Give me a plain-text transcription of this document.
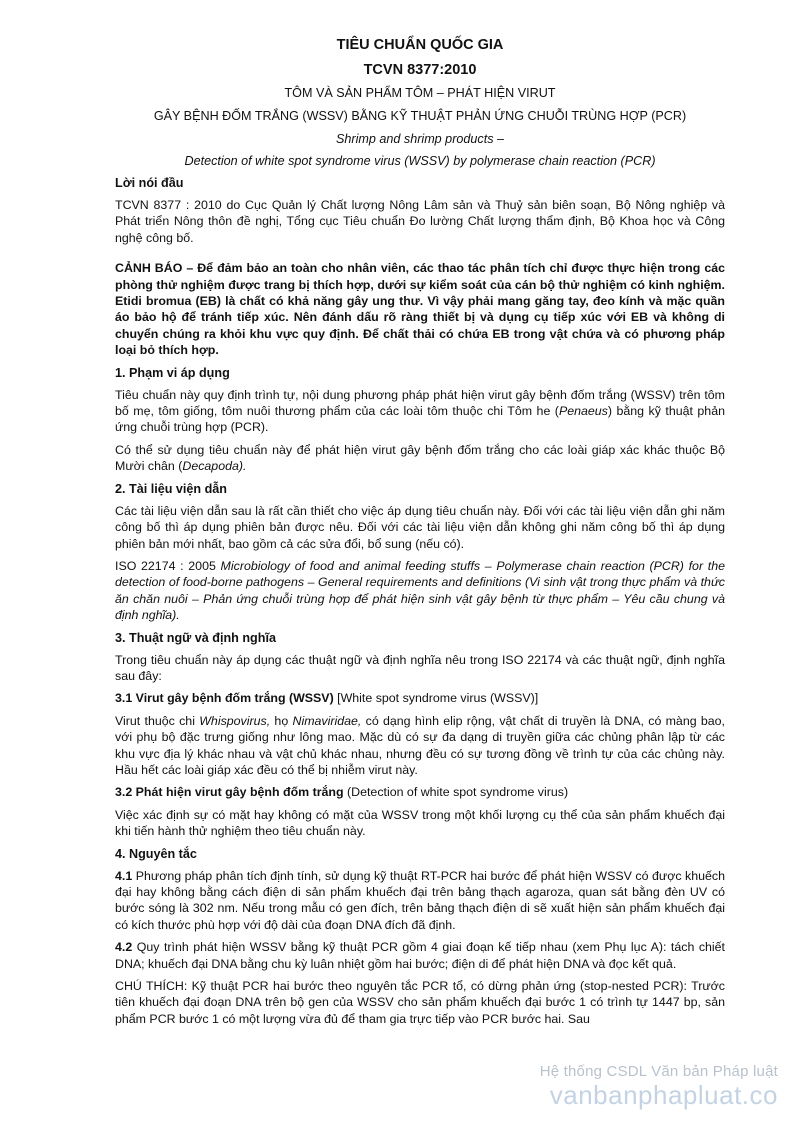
TIÊU CHUẨN QUỐC GIA
TCVN 8377:2010
TÔM VÀ SẢN PHẨM TÔM – PHÁT HIỆN VIRUT
GÂY BỆNH ĐỐM TRẮNG (WSSV) BẰNG KỸ THUẬT PHẢN ỨNG CHUỖI TRÙNG HỢP (PCR)
Shrimp and shrimp products –
Detection of white spot syndrome virus (WSSV) by polymerase chain reaction (PCR)
Lời nói đầu

TCVN 8377 : 2010 do Cục Quản lý Chất lượng Nông Lâm sản và Thuỷ sản biên soạn, Bộ Nông nghiệp và Phát triển Nông thôn đề nghị, Tổng cục Tiêu chuẩn Đo lường Chất lượng thẩm định, Bộ Khoa học và Công nghệ công bố.

CẢNH BÁO – Để đảm bảo an toàn cho nhân viên, các thao tác phân tích chỉ được thực hiện trong các phòng thử nghiệm được trang bị thích hợp, dưới sự kiểm soát của cán bộ thử nghiệm có kinh nghiệm. Etidi bromua (EB) là chất có khả năng gây ung thư. Vì vậy phải mang găng tay, đeo kính và mặc quần áo bảo hộ để tránh tiếp xúc. Nên đánh dấu rõ ràng thiết bị và dụng cụ tiếp xúc với EB và không di chuyển chúng ra khỏi khu vực quy định. Để chất thải có chứa EB trong vật chứa và có phương pháp loại bỏ thích hợp.

1. Phạm vi áp dụng

Tiêu chuẩn này quy định trình tự, nội dung phương pháp phát hiện virut gây bệnh đốm trắng (WSSV) trên tôm bố mẹ, tôm giống, tôm nuôi thương phẩm của các loài tôm thuộc chi Tôm he (Penaeus) bằng kỹ thuật phản ứng chuỗi trùng hợp (PCR).

Có thể sử dụng tiêu chuẩn này để phát hiện virut gây bệnh đốm trắng cho các loài giáp xác khác thuộc Bộ Mười chân (Decapoda).

2. Tài liệu viện dẫn

Các tài liệu viện dẫn sau là rất cần thiết cho việc áp dụng tiêu chuẩn này. Đối với các tài liệu viện dẫn ghi năm công bố thì áp dụng phiên bản được nêu. Đối với các tài liệu viện dẫn không ghi năm công bố thì áp dụng phiên bản mới nhất, bao gồm cả các sửa đổi, bổ sung (nếu có).

ISO 22174 : 2005 Microbiology of food and animal feeding stuffs – Polymerase chain reaction (PCR) for the detection of food-borne pathogens – General requirements and definitions (Vi sinh vật trong thực phẩm và thức ăn chăn nuôi – Phản ứng chuỗi trùng hợp để phát hiện sinh vật gây bệnh từ thực phẩm – Yêu cầu chung và định nghĩa).

3. Thuật ngữ và định nghĩa

Trong tiêu chuẩn này áp dụng các thuật ngữ và định nghĩa nêu trong ISO 22174 và các thuật ngữ, định nghĩa sau đây:

3.1 Virut gây bệnh đốm trắng (WSSV) [White spot syndrome virus (WSSV)]

Virut thuộc chi Whispovirus, họ Nimaviridae, có dạng hình elip rộng, vật chất di truyền là DNA, có màng bao, với phụ bộ đặc trưng giống như lông mao. Mặc dù có sự đa dạng di truyền giữa các chủng phân lập từ các khu vực địa lý khác nhau và vật chủ khác nhau, nhưng đều có sự tương đồng về trình tự của các chủng này. Hầu hết các loài giáp xác đều có thể bị nhiễm virut này.

3.2 Phát hiện virut gây bệnh đốm trắng (Detection of white spot syndrome virus)

Việc xác định sự có mặt hay không có mặt của WSSV trong một khối lượng cụ thể của sản phẩm khuếch đại khi tiến hành thử nghiệm theo tiêu chuẩn này.

4. Nguyên tắc

4.1 Phương pháp phân tích định tính, sử dụng kỹ thuật RT-PCR hai bước để phát hiện WSSV có được khuếch đại hay không bằng cách điện di sản phẩm khuếch đại trên bảng thạch agaroza, quan sát bằng đèn UV có bước sóng là 302 nm. Nếu trong mẫu có gen đích, trên bảng thạch điện di sẽ xuất hiện sản phẩm khuếch đại có kích thước phù hợp với độ dài của đoạn DNA đích đã định.

4.2 Quy trình phát hiện WSSV bằng kỹ thuật PCR gồm 4 giai đoạn kế tiếp nhau (xem Phụ lục A): tách chiết DNA; khuếch đại DNA bằng chu kỳ luân nhiệt gồm hai bước; điện di để phát hiện DNA và đọc kết quả.

CHÚ THÍCH: Kỹ thuật PCR hai bước theo nguyên tắc PCR tổ, có dừng phản ứng (stop-nested PCR): Trước tiên khuếch đại đoạn DNA trên bộ gen của WSSV cho sản phẩm khuếch đại bước 1 có trình tự 1447 bp, sản phẩm PCR bước 1 có một lượng vừa đủ để tham gia trực tiếp vào PCR bước hai. Sau

Hệ thống CSDL Văn bản Pháp luật
vanbanphapluat.co
